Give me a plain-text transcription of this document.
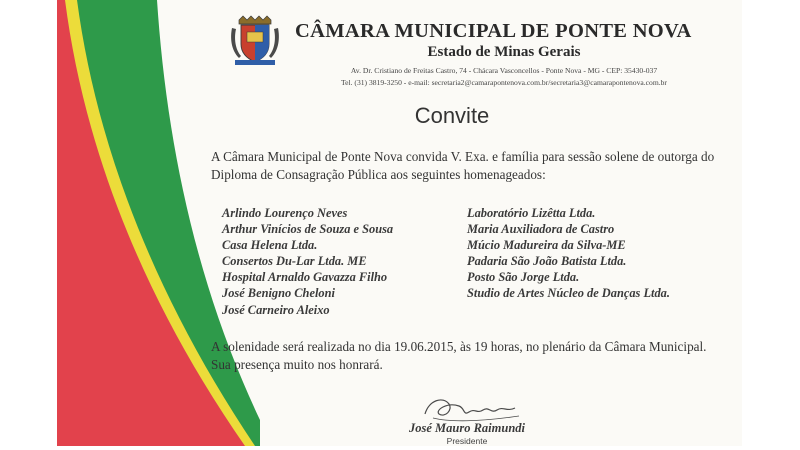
CÂMARA MUNICIPAL DE PONTE NOVA
Estado de Minas Gerais
Av. Dr. Cristiano de Freitas Castro, 74 - Chácara Vasconcellos - Ponte Nova - MG - CEP: 35430-037
Tel. (31) 3819-3250 - e-mail: secretaria2@camarapontenova.com.br/secretaria3@camarapontenova.com.br
Convite
A Câmara Municipal de Ponte Nova convida V. Exa. e família para sessão solene de outorga do Diploma de Consagração Pública aos seguintes homenageados:
Arlindo Lourenço Neves
Arthur Vinícios de Souza e Sousa
Casa Helena Ltda.
Consertos Du-Lar Ltda. ME
Hospital Arnaldo Gavazza Filho
José Benigno Cheloni
José Carneiro Aleixo
Laboratório Lizêtta Ltda.
Maria Auxiliadora de Castro
Múcio Madureira da Silva-ME
Padaria São João Batista Ltda.
Posto São Jorge Ltda.
Studio de Artes Núcleo de Danças Ltda.
A solenidade será realizada no dia 19.06.2015, às 19 horas, no plenário da Câmara Municipal.
Sua presença muito nos honrará.
José Mauro Raimundi
Presidente
